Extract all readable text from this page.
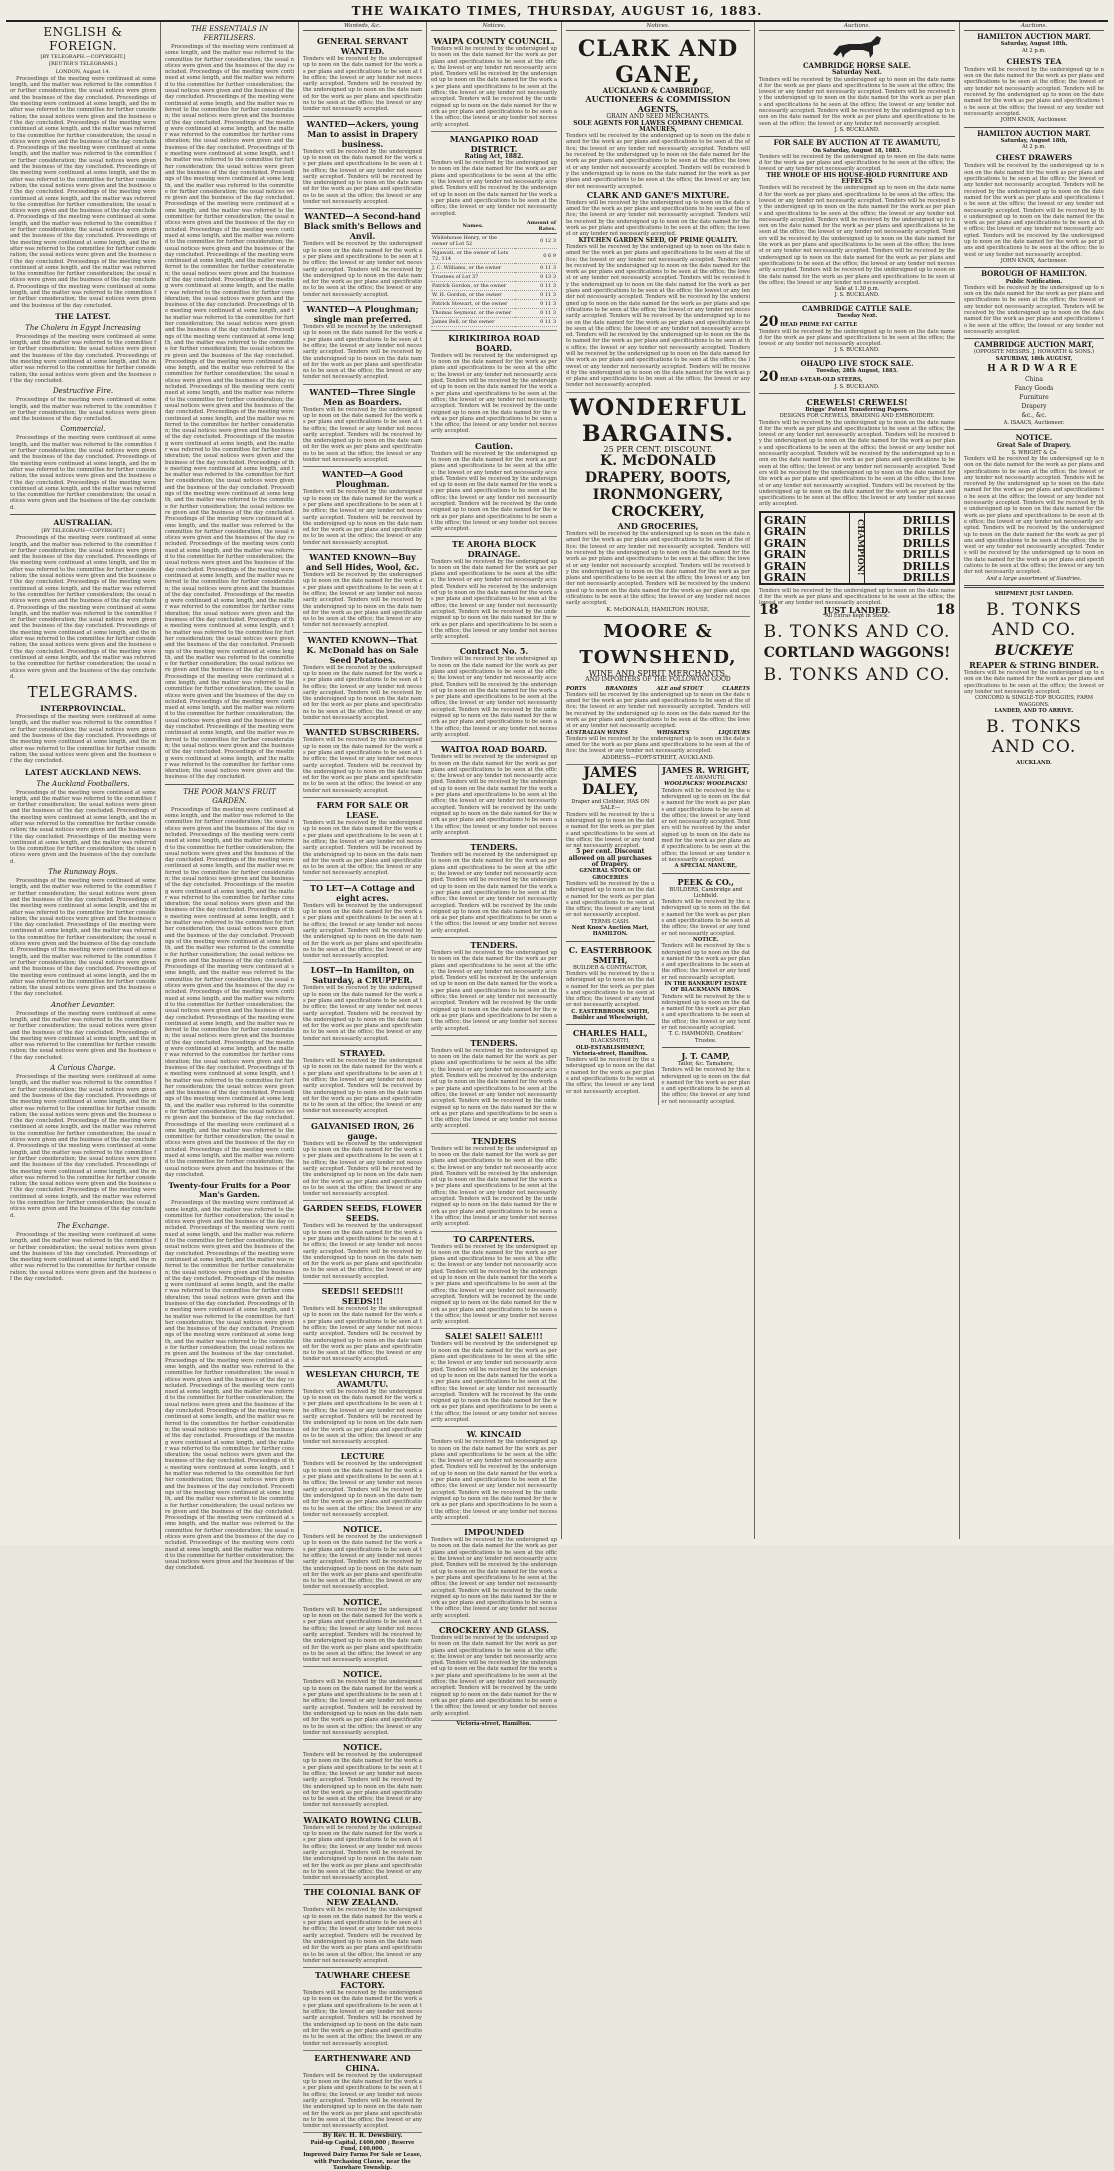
THE WAIKATO TIMES, THURSDAY, AUGUST 16, 1883.
ENGLISH & FOREIGN.
[BY TELEGRAPH.—COPYRIGHT.]
[REUTER'S TELEGRAMS.]
LONDON, August 14.
Proceedings of the meeting were continued at some length, and the matter was referred to the committee for further consideration; the usual notices were given and the business of the day concluded. Proceedings of the meeting were continued at some length, and the matter was referred to the committee for further consideration; the usual notices were given and the business of the day concluded. Proceedings of the meeting were continued at some length, and the matter was referred to the committee for further consideration; the usual notices were given and the business of the day concluded. Proceedings of the meeting were continued at some length, and the matter was referred to the committee for further consideration; the usual notices were given and the business of the day concluded. Proceedings of the meeting were continued at some length, and the matter was referred to the committee for further consideration; the usual notices were given and the business of the day concluded. Proceedings of the meeting were continued at some length, and the matter was referred to the committee for further consideration; the usual notices were given and the business of the day concluded. Proceedings of the meeting were continued at some length, and the matter was referred to the committee for further consideration; the usual notices were given and the business of the day concluded. Proceedings of the meeting were continued at some length, and the matter was referred to the committee for further consideration; the usual notices were given and the business of the day concluded. Proceedings of the meeting were continued at some length, and the matter was referred to the committee for further consideration; the usual notices were given and the business of the day concluded. Proceedings of the meeting were continued at some length, and the matter was referred to the committee for further consideration; the usual notices were given and the business of the day concluded.
THE LATEST.
The Cholera in Egypt Increasing
Proceedings of the meeting were continued at some length, and the matter was referred to the committee for further consideration; the usual notices were given and the business of the day concluded. Proceedings of the meeting were continued at some length, and the matter was referred to the committee for further consideration; the usual notices were given and the business of the day concluded.
Destructive Fire.
Proceedings of the meeting were continued at some length, and the matter was referred to the committee for further consideration; the usual notices were given and the business of the day concluded.
Commercial.
Proceedings of the meeting were continued at some length, and the matter was referred to the committee for further consideration; the usual notices were given and the business of the day concluded. Proceedings of the meeting were continued at some length, and the matter was referred to the committee for further consideration; the usual notices were given and the business of the day concluded. Proceedings of the meeting were continued at some length, and the matter was referred to the committee for further consideration; the usual notices were given and the business of the day concluded.
AUSTRALIAN.
[BY TELEGRAPH—COPYRIGHT.]
Proceedings of the meeting were continued at some length, and the matter was referred to the committee for further consideration; the usual notices were given and the business of the day concluded. Proceedings of the meeting were continued at some length, and the matter was referred to the committee for further consideration; the usual notices were given and the business of the day concluded. Proceedings of the meeting were continued at some length, and the matter was referred to the committee for further consideration; the usual notices were given and the business of the day concluded. Proceedings of the meeting were continued at some length, and the matter was referred to the committee for further consideration; the usual notices were given and the business of the day concluded. Proceedings of the meeting were continued at some length, and the matter was referred to the committee for further consideration; the usual notices were given and the business of the day concluded. Proceedings of the meeting were continued at some length, and the matter was referred to the committee for further consideration; the usual notices were given and the business of the day concluded.
TELEGRAMS.
INTERPROVINCIAL.
Proceedings of the meeting were continued at some length, and the matter was referred to the committee for further consideration; the usual notices were given and the business of the day concluded. Proceedings of the meeting were continued at some length, and the matter was referred to the committee for further consideration; the usual notices were given and the business of the day concluded.
LATEST AUCKLAND NEWS.
The Auckland Footballers.
Proceedings of the meeting were continued at some length, and the matter was referred to the committee for further consideration; the usual notices were given and the business of the day concluded. Proceedings of the meeting were continued at some length, and the matter was referred to the committee for further consideration; the usual notices were given and the business of the day concluded. Proceedings of the meeting were continued at some length, and the matter was referred to the committee for further consideration; the usual notices were given and the business of the day concluded.
The Runaway Boys.
Proceedings of the meeting were continued at some length, and the matter was referred to the committee for further consideration; the usual notices were given and the business of the day concluded. Proceedings of the meeting were continued at some length, and the matter was referred to the committee for further consideration; the usual notices were given and the business of the day concluded. Proceedings of the meeting were continued at some length, and the matter was referred to the committee for further consideration; the usual notices were given and the business of the day concluded. Proceedings of the meeting were continued at some length, and the matter was referred to the committee for further consideration; the usual notices were given and the business of the day concluded. Proceedings of the meeting were continued at some length, and the matter was referred to the committee for further consideration; the usual notices were given and the business of the day concluded.
Another Levanter.
Proceedings of the meeting were continued at some length, and the matter was referred to the committee for further consideration; the usual notices were given and the business of the day concluded. Proceedings of the meeting were continued at some length, and the matter was referred to the committee for further consideration; the usual notices were given and the business of the day concluded.
A Curious Charge.
Proceedings of the meeting were continued at some length, and the matter was referred to the committee for further consideration; the usual notices were given and the business of the day concluded. Proceedings of the meeting were continued at some length, and the matter was referred to the committee for further consideration; the usual notices were given and the business of the day concluded. Proceedings of the meeting were continued at some length, and the matter was referred to the committee for further consideration; the usual notices were given and the business of the day concluded. Proceedings of the meeting were continued at some length, and the matter was referred to the committee for further consideration; the usual notices were given and the business of the day concluded. Proceedings of the meeting were continued at some length, and the matter was referred to the committee for further consideration; the usual notices were given and the business of the day concluded. Proceedings of the meeting were continued at some length, and the matter was referred to the committee for further consideration; the usual notices were given and the business of the day concluded.
The Exchange.
Proceedings of the meeting were continued at some length, and the matter was referred to the committee for further consideration; the usual notices were given and the business of the day concluded. Proceedings of the meeting were continued at some length, and the matter was referred to the committee for further consideration; the usual notices were given and the business of the day concluded.
THE ESSENTIALS IN FERTILISERS.
Proceedings of the meeting were continued at some length, and the matter was referred to the committee for further consideration; the usual notices were given and the business of the day concluded. Proceedings of the meeting were continued at some length, and the matter was referred to the committee for further consideration; the usual notices were given and the business of the day concluded. Proceedings of the meeting were continued at some length, and the matter was referred to the committee for further consideration; the usual notices were given and the business of the day concluded. Proceedings of the meeting were continued at some length, and the matter was referred to the committee for further consideration; the usual notices were given and the business of the day concluded. Proceedings of the meeting were continued at some length, and the matter was referred to the committee for further consideration; the usual notices were given and the business of the day concluded. Proceedings of the meeting were continued at some length, and the matter was referred to the committee for further consideration; the usual notices were given and the business of the day concluded. Proceedings of the meeting were continued at some length, and the matter was referred to the committee for further consideration; the usual notices were given and the business of the day concluded. Proceedings of the meeting were continued at some length, and the matter was referred to the committee for further consideration; the usual notices were given and the business of the day concluded. Proceedings of the meeting were continued at some length, and the matter was referred to the committee for further consideration; the usual notices were given and the business of the day concluded. Proceedings of the meeting were continued at some length, and the matter was referred to the committee for further consideration; the usual notices were given and the business of the day concluded. Proceedings of the meeting were continued at some length, and the matter was referred to the committee for further consideration; the usual notices were given and the business of the day concluded. Proceedings of the meeting were continued at some length, and the matter was referred to the committee for further consideration; the usual notices were given and the business of the day concluded. Proceedings of the meeting were continued at some length, and the matter was referred to the committee for further consideration; the usual notices were given and the business of the day concluded. Proceedings of the meeting were continued at some length, and the matter was referred to the committee for further consideration; the usual notices were given and the business of the day concluded. Proceedings of the meeting were continued at some length, and the matter was referred to the committee for further consideration; the usual notices were given and the business of the day concluded. Proceedings of the meeting were continued at some length, and the matter was referred to the committee for further consideration; the usual notices were given and the business of the day concluded. Proceedings of the meeting were continued at some length, and the matter was referred to the committee for further consideration; the usual notices were given and the business of the day concluded. Proceedings of the meeting were continued at some length, and the matter was referred to the committee for further consideration; the usual notices were given and the business of the day concluded. Proceedings of the meeting were continued at some length, and the matter was referred to the committee for further consideration; the usual notices were given and the business of the day concluded. Proceedings of the meeting were continued at some length, and the matter was referred to the committee for further consideration; the usual notices were given and the business of the day concluded. Proceedings of the meeting were continued at some length, and the matter was referred to the committee for further consideration; the usual notices were given and the business of the day concluded. Proceedings of the meeting were continued at some length, and the matter was referred to the committee for further consideration; the usual notices were given and the business of the day concluded. Proceedings of the meeting were continued at some length, and the matter was referred to the committee for further consideration; the usual notices were given and the business of the day concluded. Proceedings of the meeting were continued at some length, and the matter was referred to the committee for further consideration; the usual notices were given and the business of the day concluded. Proceedings of the meeting were continued at some length, and the matter was referred to the committee for further consideration; the usual notices were given and the business of the day concluded. Proceedings of the meeting were continued at some length, and the matter was referred to the committee for further consideration; the usual notices were given and the business of the day concluded. Proceedings of the meeting were continued at some length, and the matter was referred to the committee for further consideration; the usual notices were given and the business of the day concluded. Proceedings of the meeting were continued at some length, and the matter was referred to the committee for further consideration; the usual notices were given and the business of the day concluded.
THE POOR MAN'S FRUIT GARDEN.
Proceedings of the meeting were continued at some length, and the matter was referred to the committee for further consideration; the usual notices were given and the business of the day concluded. Proceedings of the meeting were continued at some length, and the matter was referred to the committee for further consideration; the usual notices were given and the business of the day concluded. Proceedings of the meeting were continued at some length, and the matter was referred to the committee for further consideration; the usual notices were given and the business of the day concluded. Proceedings of the meeting were continued at some length, and the matter was referred to the committee for further consideration; the usual notices were given and the business of the day concluded. Proceedings of the meeting were continued at some length, and the matter was referred to the committee for further consideration; the usual notices were given and the business of the day concluded. Proceedings of the meeting were continued at some length, and the matter was referred to the committee for further consideration; the usual notices were given and the business of the day concluded. Proceedings of the meeting were continued at some length, and the matter was referred to the committee for further consideration; the usual notices were given and the business of the day concluded. Proceedings of the meeting were continued at some length, and the matter was referred to the committee for further consideration; the usual notices were given and the business of the day concluded. Proceedings of the meeting were continued at some length, and the matter was referred to the committee for further consideration; the usual notices were given and the business of the day concluded. Proceedings of the meeting were continued at some length, and the matter was referred to the committee for further consideration; the usual notices were given and the business of the day concluded. Proceedings of the meeting were continued at some length, and the matter was referred to the committee for further consideration; the usual notices were given and the business of the day concluded. Proceedings of the meeting were continued at some length, and the matter was referred to the committee for further consideration; the usual notices were given and the business of the day concluded. Proceedings of the meeting were continued at some length, and the matter was referred to the committee for further consideration; the usual notices were given and the business of the day concluded. Proceedings of the meeting were continued at some length, and the matter was referred to the committee for further consideration; the usual notices were given and the business of the day concluded.
Twenty-four Fruits for a Poor Man's Garden.
Proceedings of the meeting were continued at some length, and the matter was referred to the committee for further consideration; the usual notices were given and the business of the day concluded. Proceedings of the meeting were continued at some length, and the matter was referred to the committee for further consideration; the usual notices were given and the business of the day concluded. Proceedings of the meeting were continued at some length, and the matter was referred to the committee for further consideration; the usual notices were given and the business of the day concluded. Proceedings of the meeting were continued at some length, and the matter was referred to the committee for further consideration; the usual notices were given and the business of the day concluded. Proceedings of the meeting were continued at some length, and the matter was referred to the committee for further consideration; the usual notices were given and the business of the day concluded. Proceedings of the meeting were continued at some length, and the matter was referred to the committee for further consideration; the usual notices were given and the business of the day concluded. Proceedings of the meeting were continued at some length, and the matter was referred to the committee for further consideration; the usual notices were given and the business of the day concluded. Proceedings of the meeting were continued at some length, and the matter was referred to the committee for further consideration; the usual notices were given and the business of the day concluded. Proceedings of the meeting were continued at some length, and the matter was referred to the committee for further consideration; the usual notices were given and the business of the day concluded. Proceedings of the meeting were continued at some length, and the matter was referred to the committee for further consideration; the usual notices were given and the business of the day concluded. Proceedings of the meeting were continued at some length, and the matter was referred to the committee for further consideration; the usual notices were given and the business of the day concluded. Proceedings of the meeting were continued at some length, and the matter was referred to the committee for further consideration; the usual notices were given and the business of the day concluded. Proceedings of the meeting were continued at some length, and the matter was referred to the committee for further consideration; the usual notices were given and the business of the day concluded. Proceedings of the meeting were continued at some length, and the matter was referred to the committee for further consideration; the usual notices were given and the business of the day concluded.
Wanteds, &c.
GENERAL SERVANT WANTED.
Tenders will be received by the undersigned up to noon on the date named for the work as per plans and specifications to be seen at the office; the lowest or any tender not necessarily accepted. Tenders will be received by the undersigned up to noon on the date named for the work as per plans and specifications to be seen at the office; the lowest or any tender not necessarily accepted.
WANTED—Ackers, young Man to assist in Drapery business.
Tenders will be received by the undersigned up to noon on the date named for the work as per plans and specifications to be seen at the office; the lowest or any tender not necessarily accepted. Tenders will be received by the undersigned up to noon on the date named for the work as per plans and specifications to be seen at the office; the lowest or any tender not necessarily accepted.
WANTED—A Second-hand Black smith's Bellows and Anvil.
Tenders will be received by the undersigned up to noon on the date named for the work as per plans and specifications to be seen at the office; the lowest or any tender not necessarily accepted. Tenders will be received by the undersigned up to noon on the date named for the work as per plans and specifications to be seen at the office; the lowest or any tender not necessarily accepted.
WANTED—A Ploughman; single man preferred.
Tenders will be received by the undersigned up to noon on the date named for the work as per plans and specifications to be seen at the office; the lowest or any tender not necessarily accepted. Tenders will be received by the undersigned up to noon on the date named for the work as per plans and specifications to be seen at the office; the lowest or any tender not necessarily accepted.
WANTED—Three Single Men as Boarders.
Tenders will be received by the undersigned up to noon on the date named for the work as per plans and specifications to be seen at the office; the lowest or any tender not necessarily accepted. Tenders will be received by the undersigned up to noon on the date named for the work as per plans and specifications to be seen at the office; the lowest or any tender not necessarily accepted.
WANTED—A Good Ploughman.
Tenders will be received by the undersigned up to noon on the date named for the work as per plans and specifications to be seen at the office; the lowest or any tender not necessarily accepted. Tenders will be received by the undersigned up to noon on the date named for the work as per plans and specifications to be seen at the office; the lowest or any tender not necessarily accepted.
WANTED KNOWN—Buy and Sell Hides, Wool, &c.
Tenders will be received by the undersigned up to noon on the date named for the work as per plans and specifications to be seen at the office; the lowest or any tender not necessarily accepted. Tenders will be received by the undersigned up to noon on the date named for the work as per plans and specifications to be seen at the office; the lowest or any tender not necessarily accepted.
WANTED KNOWN—That K. McDonald has on Sale Seed Potatoes.
Tenders will be received by the undersigned up to noon on the date named for the work as per plans and specifications to be seen at the office; the lowest or any tender not necessarily accepted. Tenders will be received by the undersigned up to noon on the date named for the work as per plans and specifications to be seen at the office; the lowest or any tender not necessarily accepted.
WANTED SUBSCRIBERS.
Tenders will be received by the undersigned up to noon on the date named for the work as per plans and specifications to be seen at the office; the lowest or any tender not necessarily accepted. Tenders will be received by the undersigned up to noon on the date named for the work as per plans and specifications to be seen at the office; the lowest or any tender not necessarily accepted.
FARM FOR SALE OR LEASE.
Tenders will be received by the undersigned up to noon on the date named for the work as per plans and specifications to be seen at the office; the lowest or any tender not necessarily accepted. Tenders will be received by the undersigned up to noon on the date named for the work as per plans and specifications to be seen at the office; the lowest or any tender not necessarily accepted.
TO LET—A Cottage and eight acres.
Tenders will be received by the undersigned up to noon on the date named for the work as per plans and specifications to be seen at the office; the lowest or any tender not necessarily accepted. Tenders will be received by the undersigned up to noon on the date named for the work as per plans and specifications to be seen at the office; the lowest or any tender not necessarily accepted.
LOST—In Hamilton, on Saturday, a CRUPPER.
Tenders will be received by the undersigned up to noon on the date named for the work as per plans and specifications to be seen at the office; the lowest or any tender not necessarily accepted. Tenders will be received by the undersigned up to noon on the date named for the work as per plans and specifications to be seen at the office; the lowest or any tender not necessarily accepted.
STRAYED.
Tenders will be received by the undersigned up to noon on the date named for the work as per plans and specifications to be seen at the office; the lowest or any tender not necessarily accepted. Tenders will be received by the undersigned up to noon on the date named for the work as per plans and specifications to be seen at the office; the lowest or any tender not necessarily accepted.
GALVANISED IRON, 26 gauge.
Tenders will be received by the undersigned up to noon on the date named for the work as per plans and specifications to be seen at the office; the lowest or any tender not necessarily accepted. Tenders will be received by the undersigned up to noon on the date named for the work as per plans and specifications to be seen at the office; the lowest or any tender not necessarily accepted.
GARDEN SEEDS, FLOWER SEEDS.
Tenders will be received by the undersigned up to noon on the date named for the work as per plans and specifications to be seen at the office; the lowest or any tender not necessarily accepted. Tenders will be received by the undersigned up to noon on the date named for the work as per plans and specifications to be seen at the office; the lowest or any tender not necessarily accepted.
SEEDS!! SEEDS!!! SEEDS!!!
Tenders will be received by the undersigned up to noon on the date named for the work as per plans and specifications to be seen at the office; the lowest or any tender not necessarily accepted. Tenders will be received by the undersigned up to noon on the date named for the work as per plans and specifications to be seen at the office; the lowest or any tender not necessarily accepted.
WESLEYAN CHURCH, TE AWAMUTU.
Tenders will be received by the undersigned up to noon on the date named for the work as per plans and specifications to be seen at the office; the lowest or any tender not necessarily accepted. Tenders will be received by the undersigned up to noon on the date named for the work as per plans and specifications to be seen at the office; the lowest or any tender not necessarily accepted.
LECTURE
Tenders will be received by the undersigned up to noon on the date named for the work as per plans and specifications to be seen at the office; the lowest or any tender not necessarily accepted. Tenders will be received by the undersigned up to noon on the date named for the work as per plans and specifications to be seen at the office; the lowest or any tender not necessarily accepted.
NOTICE.
Tenders will be received by the undersigned up to noon on the date named for the work as per plans and specifications to be seen at the office; the lowest or any tender not necessarily accepted. Tenders will be received by the undersigned up to noon on the date named for the work as per plans and specifications to be seen at the office; the lowest or any tender not necessarily accepted.
NOTICE.
Tenders will be received by the undersigned up to noon on the date named for the work as per plans and specifications to be seen at the office; the lowest or any tender not necessarily accepted. Tenders will be received by the undersigned up to noon on the date named for the work as per plans and specifications to be seen at the office; the lowest or any tender not necessarily accepted.
NOTICE.
Tenders will be received by the undersigned up to noon on the date named for the work as per plans and specifications to be seen at the office; the lowest or any tender not necessarily accepted. Tenders will be received by the undersigned up to noon on the date named for the work as per plans and specifications to be seen at the office; the lowest or any tender not necessarily accepted.
NOTICE.
Tenders will be received by the undersigned up to noon on the date named for the work as per plans and specifications to be seen at the office; the lowest or any tender not necessarily accepted. Tenders will be received by the undersigned up to noon on the date named for the work as per plans and specifications to be seen at the office; the lowest or any tender not necessarily accepted.
WAIKATO ROWING CLUB.
Tenders will be received by the undersigned up to noon on the date named for the work as per plans and specifications to be seen at the office; the lowest or any tender not necessarily accepted. Tenders will be received by the undersigned up to noon on the date named for the work as per plans and specifications to be seen at the office; the lowest or any tender not necessarily accepted.
THE COLONIAL BANK OF NEW ZEALAND.
Tenders will be received by the undersigned up to noon on the date named for the work as per plans and specifications to be seen at the office; the lowest or any tender not necessarily accepted. Tenders will be received by the undersigned up to noon on the date named for the work as per plans and specifications to be seen at the office; the lowest or any tender not necessarily accepted.
TAUWHARE CHEESE FACTORY.
Tenders will be received by the undersigned up to noon on the date named for the work as per plans and specifications to be seen at the office; the lowest or any tender not necessarily accepted. Tenders will be received by the undersigned up to noon on the date named for the work as per plans and specifications to be seen at the office; the lowest or any tender not necessarily accepted.
EARTHENWARE AND CHINA.
Tenders will be received by the undersigned up to noon on the date named for the work as per plans and specifications to be seen at the office; the lowest or any tender not necessarily accepted. Tenders will be received by the undersigned up to noon on the date named for the work as per plans and specifications to be seen at the office; the lowest or any tender not necessarily accepted.
By Rev. H. R. Dewsbury.
Paid-up Capital, £400,000 ; Reserve Fund, £40,000.
Improved Dairy Farms For Sale or Lease, with Purchasing Clause, near the Tauwhare Township.
Notices.
WAIPA COUNTY COUNCIL.
Tenders will be received by the undersigned up to noon on the date named for the work as per plans and specifications to be seen at the office; the lowest or any tender not necessarily accepted. Tenders will be received by the undersigned up to noon on the date named for the work as per plans and specifications to be seen at the office; the lowest or any tender not necessarily accepted. Tenders will be received by the undersigned up to noon on the date named for the work as per plans and specifications to be seen at the office; the lowest or any tender not necessarily accepted.
MANGAPIKO ROAD DISTRICT.
Rating Act, 1882.
Tenders will be received by the undersigned up to noon on the date named for the work as per plans and specifications to be seen at the office; the lowest or any tender not necessarily accepted. Tenders will be received by the undersigned up to noon on the date named for the work as per plans and specifications to be seen at the office; the lowest or any tender not necessarily accepted.
Names.	Amount of Rates.
Whitehouse Henry, or the owner of Lot 52	0 12 3
Ngawati, or the owner of Lots 72, 114	0 6 9
J. C. Williams, or the owner	0 11 3
Trustees of Lot 37	0 13 3
Patrick Gordon, or the owner	0 11 3
W. H. Gordon, or the owner	0 11 3
Patrick Stewart, or the owner	0 11 3
Thomas Seymour, or the owner	0 11 3
James Bell, or the owner	0 11 3
KIRIKIRIROA ROAD BOARD.
Tenders will be received by the undersigned up to noon on the date named for the work as per plans and specifications to be seen at the office; the lowest or any tender not necessarily accepted. Tenders will be received by the undersigned up to noon on the date named for the work as per plans and specifications to be seen at the office; the lowest or any tender not necessarily accepted. Tenders will be received by the undersigned up to noon on the date named for the work as per plans and specifications to be seen at the office; the lowest or any tender not necessarily accepted.
Caution.
Tenders will be received by the undersigned up to noon on the date named for the work as per plans and specifications to be seen at the office; the lowest or any tender not necessarily accepted. Tenders will be received by the undersigned up to noon on the date named for the work as per plans and specifications to be seen at the office; the lowest or any tender not necessarily accepted. Tenders will be received by the undersigned up to noon on the date named for the work as per plans and specifications to be seen at the office; the lowest or any tender not necessarily accepted.
TE AROHA BLOCK DRAINAGE.
Tenders will be received by the undersigned up to noon on the date named for the work as per plans and specifications to be seen at the office; the lowest or any tender not necessarily accepted. Tenders will be received by the undersigned up to noon on the date named for the work as per plans and specifications to be seen at the office; the lowest or any tender not necessarily accepted. Tenders will be received by the undersigned up to noon on the date named for the work as per plans and specifications to be seen at the office; the lowest or any tender not necessarily accepted.
Contract No. 5.
Tenders will be received by the undersigned up to noon on the date named for the work as per plans and specifications to be seen at the office; the lowest or any tender not necessarily accepted. Tenders will be received by the undersigned up to noon on the date named for the work as per plans and specifications to be seen at the office; the lowest or any tender not necessarily accepted. Tenders will be received by the undersigned up to noon on the date named for the work as per plans and specifications to be seen at the office; the lowest or any tender not necessarily accepted.
WAITOA ROAD BOARD.
Tenders will be received by the undersigned up to noon on the date named for the work as per plans and specifications to be seen at the office; the lowest or any tender not necessarily accepted. Tenders will be received by the undersigned up to noon on the date named for the work as per plans and specifications to be seen at the office; the lowest or any tender not necessarily accepted. Tenders will be received by the undersigned up to noon on the date named for the work as per plans and specifications to be seen at the office; the lowest or any tender not necessarily accepted.
TENDERS.
Tenders will be received by the undersigned up to noon on the date named for the work as per plans and specifications to be seen at the office; the lowest or any tender not necessarily accepted. Tenders will be received by the undersigned up to noon on the date named for the work as per plans and specifications to be seen at the office; the lowest or any tender not necessarily accepted. Tenders will be received by the undersigned up to noon on the date named for the work as per plans and specifications to be seen at the office; the lowest or any tender not necessarily accepted.
TENDERS.
Tenders will be received by the undersigned up to noon on the date named for the work as per plans and specifications to be seen at the office; the lowest or any tender not necessarily accepted. Tenders will be received by the undersigned up to noon on the date named for the work as per plans and specifications to be seen at the office; the lowest or any tender not necessarily accepted. Tenders will be received by the undersigned up to noon on the date named for the work as per plans and specifications to be seen at the office; the lowest or any tender not necessarily accepted.
TENDERS.
Tenders will be received by the undersigned up to noon on the date named for the work as per plans and specifications to be seen at the office; the lowest or any tender not necessarily accepted. Tenders will be received by the undersigned up to noon on the date named for the work as per plans and specifications to be seen at the office; the lowest or any tender not necessarily accepted. Tenders will be received by the undersigned up to noon on the date named for the work as per plans and specifications to be seen at the office; the lowest or any tender not necessarily accepted.
TENDERS
Tenders will be received by the undersigned up to noon on the date named for the work as per plans and specifications to be seen at the office; the lowest or any tender not necessarily accepted. Tenders will be received by the undersigned up to noon on the date named for the work as per plans and specifications to be seen at the office; the lowest or any tender not necessarily accepted. Tenders will be received by the undersigned up to noon on the date named for the work as per plans and specifications to be seen at the office; the lowest or any tender not necessarily accepted.
TO CARPENTERS.
Tenders will be received by the undersigned up to noon on the date named for the work as per plans and specifications to be seen at the office; the lowest or any tender not necessarily accepted. Tenders will be received by the undersigned up to noon on the date named for the work as per plans and specifications to be seen at the office; the lowest or any tender not necessarily accepted. Tenders will be received by the undersigned up to noon on the date named for the work as per plans and specifications to be seen at the office; the lowest or any tender not necessarily accepted.
SALE! SALE!! SALE!!!
Tenders will be received by the undersigned up to noon on the date named for the work as per plans and specifications to be seen at the office; the lowest or any tender not necessarily accepted. Tenders will be received by the undersigned up to noon on the date named for the work as per plans and specifications to be seen at the office; the lowest or any tender not necessarily accepted. Tenders will be received by the undersigned up to noon on the date named for the work as per plans and specifications to be seen at the office; the lowest or any tender not necessarily accepted.
W. KINCAID
Tenders will be received by the undersigned up to noon on the date named for the work as per plans and specifications to be seen at the office; the lowest or any tender not necessarily accepted. Tenders will be received by the undersigned up to noon on the date named for the work as per plans and specifications to be seen at the office; the lowest or any tender not necessarily accepted. Tenders will be received by the undersigned up to noon on the date named for the work as per plans and specifications to be seen at the office; the lowest or any tender not necessarily accepted.
IMPOUNDED
Tenders will be received by the undersigned up to noon on the date named for the work as per plans and specifications to be seen at the office; the lowest or any tender not necessarily accepted. Tenders will be received by the undersigned up to noon on the date named for the work as per plans and specifications to be seen at the office; the lowest or any tender not necessarily accepted. Tenders will be received by the undersigned up to noon on the date named for the work as per plans and specifications to be seen at the office; the lowest or any tender not necessarily accepted.
CROCKERY AND GLASS.
Tenders will be received by the undersigned up to noon on the date named for the work as per plans and specifications to be seen at the office; the lowest or any tender not necessarily accepted. Tenders will be received by the undersigned up to noon on the date named for the work as per plans and specifications to be seen at the office; the lowest or any tender not necessarily accepted. Tenders will be received by the undersigned up to noon on the date named for the work as per plans and specifications to be seen at the office; the lowest or any tender not necessarily accepted.
Victoria-street, Hamilton.
Notices.
CLARK AND GANE,
AUCKLAND & CAMBRIDGE,
AUCTIONEERS & COMMISSION AGENTS,
GRAIN AND SEED MERCHANTS.
SOLE AGENTS FOR LAWES COMPANY CHEMICAL MANURES,
Tenders will be received by the undersigned up to noon on the date named for the work as per plans and specifications to be seen at the office; the lowest or any tender not necessarily accepted. Tenders will be received by the undersigned up to noon on the date named for the work as per plans and specifications to be seen at the office; the lowest or any tender not necessarily accepted. Tenders will be received by the undersigned up to noon on the date named for the work as per plans and specifications to be seen at the office; the lowest or any tender not necessarily accepted.
CLARK AND GANE'S MIXTURE.
Tenders will be received by the undersigned up to noon on the date named for the work as per plans and specifications to be seen at the office; the lowest or any tender not necessarily accepted. Tenders will be received by the undersigned up to noon on the date named for the work as per plans and specifications to be seen at the office; the lowest or any tender not necessarily accepted.
KITCHEN GARDEN SEED, OF PRIME QUALITY.
Tenders will be received by the undersigned up to noon on the date named for the work as per plans and specifications to be seen at the office; the lowest or any tender not necessarily accepted. Tenders will be received by the undersigned up to noon on the date named for the work as per plans and specifications to be seen at the office; the lowest or any tender not necessarily accepted. Tenders will be received by the undersigned up to noon on the date named for the work as per plans and specifications to be seen at the office; the lowest or any tender not necessarily accepted. Tenders will be received by the undersigned up to noon on the date named for the work as per plans and specifications to be seen at the office; the lowest or any tender not necessarily accepted. Tenders will be received by the undersigned up to noon on the date named for the work as per plans and specifications to be seen at the office; the lowest or any tender not necessarily accepted. Tenders will be received by the undersigned up to noon on the date named for the work as per plans and specifications to be seen at the office; the lowest or any tender not necessarily accepted. Tenders will be received by the undersigned up to noon on the date named for the work as per plans and specifications to be seen at the office; the lowest or any tender not necessarily accepted. Tenders will be received by the undersigned up to noon on the date named for the work as per plans and specifications to be seen at the office; the lowest or any tender not necessarily accepted.
WONDERFUL BARGAINS.
25 PER CENT. DISCOUNT.
K. McDONALD
DRAPERY, BOOTS, IRONMONGERY, CROCKERY,
AND GROCERIES,
Tenders will be received by the undersigned up to noon on the date named for the work as per plans and specifications to be seen at the office; the lowest or any tender not necessarily accepted. Tenders will be received by the undersigned up to noon on the date named for the work as per plans and specifications to be seen at the office; the lowest or any tender not necessarily accepted. Tenders will be received by the undersigned up to noon on the date named for the work as per plans and specifications to be seen at the office; the lowest or any tender not necessarily accepted. Tenders will be received by the undersigned up to noon on the date named for the work as per plans and specifications to be seen at the office; the lowest or any tender not necessarily accepted.
K. McDONALD, HAMILTON HOUSE.
MOORE & TOWNSHEND,
WINE AND SPIRIT MERCHANTS,
AND IMPORTERS OF THE FOLLOWING GOOD
PORTS	BRANDIES	ALE and STOUT	CLARETS
Tenders will be received by the undersigned up to noon on the date named for the work as per plans and specifications to be seen at the office; the lowest or any tender not necessarily accepted. Tenders will be received by the undersigned up to noon on the date named for the work as per plans and specifications to be seen at the office; the lowest or any tender not necessarily accepted.
AUSTRALIAN WINES	WHISKEYS	LIQUEURS
Tenders will be received by the undersigned up to noon on the date named for the work as per plans and specifications to be seen at the office; the lowest or any tender not necessarily accepted.
ADDRESS—FORT-STREET, AUCKLAND.
JAMES DALEY,
Draper and Clothier, HAS ON SALE—
Tenders will be received by the undersigned up to noon on the date named for the work as per plans and specifications to be seen at the office; the lowest or any tender not necessarily accepted.
5 per cent. Discount allowed on all purchases of Drapery.
GENERAL STOCK OF GROCERIES
Tenders will be received by the undersigned up to noon on the date named for the work as per plans and specifications to be seen at the office; the lowest or any tender not necessarily accepted.
TERMS CASH.
Next Knox's Auction Mart, HAMILTON.
C. EASTERBROOK SMITH,
BUILDER & CONTRACTOR,
Tenders will be received by the undersigned up to noon on the date named for the work as per plans and specifications to be seen at the office; the lowest or any tender not necessarily accepted.
C. EASTERBROOK SMITH, Builder and Wheelwright,
CHARLES HALL,
BLACKSMITH,
OLD-ESTABLISHMENT, Victoria-street, Hamilton.
Tenders will be received by the undersigned up to noon on the date named for the work as per plans and specifications to be seen at the office; the lowest or any tender not necessarily accepted.
JAMES R. WRIGHT,
TE AWAMUTU.
WOOLPACKS! WOOLPACKS!
Tenders will be received by the undersigned up to noon on the date named for the work as per plans and specifications to be seen at the office; the lowest or any tender not necessarily accepted. Tenders will be received by the undersigned up to noon on the date named for the work as per plans and specifications to be seen at the office; the lowest or any tender not necessarily accepted.
A SPECIAL MANURE,
PEEK & CO.,
BUILDERS, Cambridge and Lichfield.
Tenders will be received by the undersigned up to noon on the date named for the work as per plans and specifications to be seen at the office; the lowest or any tender not necessarily accepted.
NOTICE.
Tenders will be received by the undersigned up to noon on the date named for the work as per plans and specifications to be seen at the office; the lowest or any tender not necessarily accepted.
IN THE BANKRUPT ESTATE OF BLACKMANN BROS.
Tenders will be received by the undersigned up to noon on the date named for the work as per plans and specifications to be seen at the office; the lowest or any tender not necessarily accepted.
T. C. HAMMOND, Creditors' Trustee.
J. T. CAMP,
Tailor, &c. Tamahere,
Tenders will be received by the undersigned up to noon on the date named for the work as per plans and specifications to be seen at the office; the lowest or any tender not necessarily accepted.
Auctions.
CAMBRIDGE HORSE SALE.
Saturday Next.
Tenders will be received by the undersigned up to noon on the date named for the work as per plans and specifications to be seen at the office; the lowest or any tender not necessarily accepted. Tenders will be received by the undersigned up to noon on the date named for the work as per plans and specifications to be seen at the office; the lowest or any tender not necessarily accepted. Tenders will be received by the undersigned up to noon on the date named for the work as per plans and specifications to be seen at the office; the lowest or any tender not necessarily accepted.
J. S. BUCKLAND.
FOR SALE BY AUCTION AT TE AWAMUTU,
On Saturday, August 18, 1883.
Tenders will be received by the undersigned up to noon on the date named for the work as per plans and specifications to be seen at the office; the lowest or any tender not necessarily accepted.
THE WHOLE OF HIS HOUSE-HOLD FURNITURE AND EFFECTS
Tenders will be received by the undersigned up to noon on the date named for the work as per plans and specifications to be seen at the office; the lowest or any tender not necessarily accepted. Tenders will be received by the undersigned up to noon on the date named for the work as per plans and specifications to be seen at the office; the lowest or any tender not necessarily accepted. Tenders will be received by the undersigned up to noon on the date named for the work as per plans and specifications to be seen at the office; the lowest or any tender not necessarily accepted. Tenders will be received by the undersigned up to noon on the date named for the work as per plans and specifications to be seen at the office; the lowest or any tender not necessarily accepted. Tenders will be received by the undersigned up to noon on the date named for the work as per plans and specifications to be seen at the office; the lowest or any tender not necessarily accepted. Tenders will be received by the undersigned up to noon on the date named for the work as per plans and specifications to be seen at the office; the lowest or any tender not necessarily accepted.
Sale at 1.30 p.m.
J. S. BUCKLAND.
CAMBRIDGE CATTLE SALE.
Tuesday Next.
20 HEAD PRIME FAT CATTLE
Tenders will be received by the undersigned up to noon on the date named for the work as per plans and specifications to be seen at the office; the lowest or any tender not necessarily accepted.
J. S. BUCKLAND.
OHAUPO LIVE STOCK SALE.
Tuesday, 28th August, 1883.
20 HEAD 4-YEAR-OLD STEERS,
J. S. BUCKLAND.
CREWELS! CREWELS!
Briggs' Patent Transferring Papers.
DESIGNS FOR CREWELS, BRAIDING AND EMBROIDERY.
Tenders will be received by the undersigned up to noon on the date named for the work as per plans and specifications to be seen at the office; the lowest or any tender not necessarily accepted. Tenders will be received by the undersigned up to noon on the date named for the work as per plans and specifications to be seen at the office; the lowest or any tender not necessarily accepted. Tenders will be received by the undersigned up to noon on the date named for the work as per plans and specifications to be seen at the office; the lowest or any tender not necessarily accepted. Tenders will be received by the undersigned up to noon on the date named for the work as per plans and specifications to be seen at the office; the lowest or any tender not necessarily accepted. Tenders will be received by the undersigned up to noon on the date named for the work as per plans and specifications to be seen at the office; the lowest or any tender not necessarily accepted.
GRAIN
GRAIN
GRAIN
GRAIN
GRAIN
GRAIN
CHAMPION!	DRILLS
DRILLS
DRILLS
DRILLS
DRILLS
DRILLS
Tenders will be received by the undersigned up to noon on the date named for the work as per plans and specifications to be seen at the office; the lowest or any tender not necessarily accepted.
18	JUST LANDED.	18
All Extras kept in Stock.
B. TONKS AND CO.
CORTLAND WAGGONS!
B. TONKS AND CO.
Auctions.
HAMILTON AUCTION MART.
Saturday, August 18th,
At 2 p.m.
CHESTS TEA
Tenders will be received by the undersigned up to noon on the date named for the work as per plans and specifications to be seen at the office; the lowest or any tender not necessarily accepted. Tenders will be received by the undersigned up to noon on the date named for the work as per plans and specifications to be seen at the office; the lowest or any tender not necessarily accepted.
JOHN KNOX, Auctioneer.
HAMILTON AUCTION MART.
Saturday, August 18th,
At 2 p.m.
CHEST DRAWERS
Tenders will be received by the undersigned up to noon on the date named for the work as per plans and specifications to be seen at the office; the lowest or any tender not necessarily accepted. Tenders will be received by the undersigned up to noon on the date named for the work as per plans and specifications to be seen at the office; the lowest or any tender not necessarily accepted. Tenders will be received by the undersigned up to noon on the date named for the work as per plans and specifications to be seen at the office; the lowest or any tender not necessarily accepted. Tenders will be received by the undersigned up to noon on the date named for the work as per plans and specifications to be seen at the office; the lowest or any tender not necessarily accepted.
JOHN KNOX, Auctioneer.
BOROUGH OF HAMILTON.
Public Notification.
Tenders will be received by the undersigned up to noon on the date named for the work as per plans and specifications to be seen at the office; the lowest or any tender not necessarily accepted. Tenders will be received by the undersigned up to noon on the date named for the work as per plans and specifications to be seen at the office; the lowest or any tender not necessarily accepted.
CAMBRIDGE AUCTION MART,
(OPPOSITE MESSRS. J. HOWARTH & SONS.)
SATURDAY, 18th AUGUST,
HARDWARE
China
Fancy Goods
Furniture
Drapery
&c., &c.
A. ISAACS, Auctioneer.
NOTICE.
Great Sale of Drapery.
S. WRIGHT & Co
Tenders will be received by the undersigned up to noon on the date named for the work as per plans and specifications to be seen at the office; the lowest or any tender not necessarily accepted. Tenders will be received by the undersigned up to noon on the date named for the work as per plans and specifications to be seen at the office; the lowest or any tender not necessarily accepted. Tenders will be received by the undersigned up to noon on the date named for the work as per plans and specifications to be seen at the office; the lowest or any tender not necessarily accepted. Tenders will be received by the undersigned up to noon on the date named for the work as per plans and specifications to be seen at the office; the lowest or any tender not necessarily accepted. Tenders will be received by the undersigned up to noon on the date named for the work as per plans and specifications to be seen at the office; the lowest or any tender not necessarily accepted.
And a large assortment of Sundries.
SHIPMENT JUST LANDED.
B. TONKS AND CO.
BUCKEYE
REAPER & STRING BINDER.
Tenders will be received by the undersigned up to noon on the date named for the work as per plans and specifications to be seen at the office; the lowest or any tender not necessarily accepted.
CONCORD & SINGLE-TOP BUGGIES, FARM WAGGONS.
LANDED, AND TO ARRIVE.
B. TONKS AND CO.
AUCKLAND.
